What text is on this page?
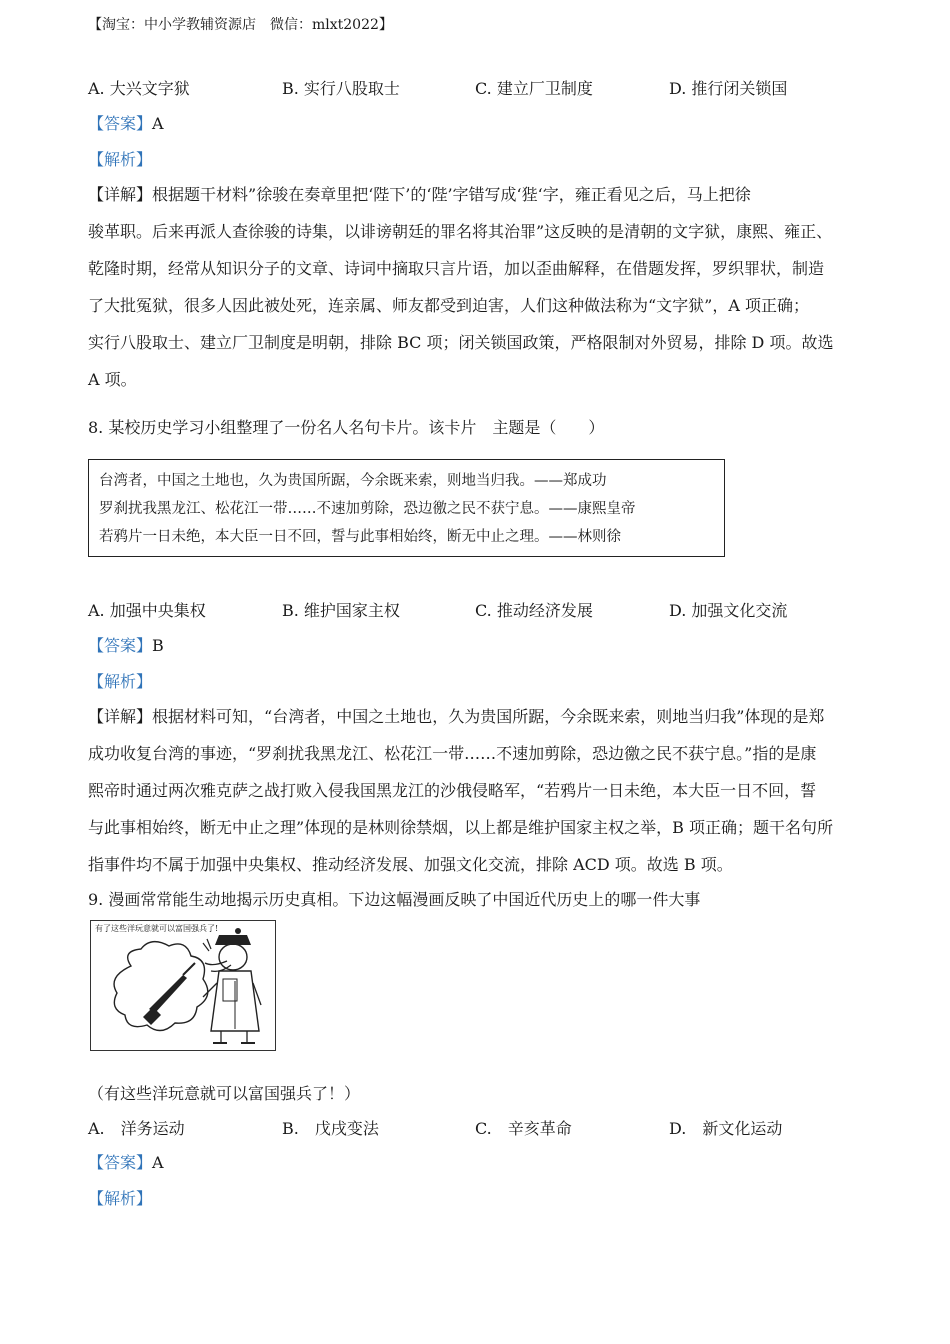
【淘宝：中小学教辅资源店　微信：mlxt2022】
A. 大兴文字狱	B. 实行八股取士	C. 建立厂卫制度	D. 推行闭关锁国
【答案】A
【解析】
【详解】根据题干材料”徐骏在奏章里把‘陛下’的‘陛’字错写成‘狴‘字，雍正看见之后，马上把徐
骏革职。后来再派人查徐骏的诗集，以诽谤朝廷的罪名将其治罪”这反映的是清朝的文字狱，康熙、雍正、
乾隆时期，经常从知识分子的文章、诗词中摘取只言片语，加以歪曲解释，在借题发挥，罗织罪状，制造
了大批冤狱，很多人因此被处死，连亲属、师友都受到迫害，人们这种做法称为“文字狱”，A 项正确；
实行八股取士、建立厂卫制度是明朝，排除 BC 项；闭关锁国政策，严格限制对外贸易，排除 D 项。故选
A 项。
8. 某校历史学习小组整理了一份名人名句卡片。该卡片　主题是（　　）
台湾者，中国之土地也，久为贵国所踞，今余既来索，则地当归我。——郑成功
罗刹扰我黑龙江、松花江一带……不速加剪除，恐边徼之民不获宁息。——康熙皇帝
若鸦片一日未绝，本大臣一日不回，誓与此事相始终，断无中止之理。——林则徐
A. 加强中央集权	B. 维护国家主权	C. 推动经济发展	D. 加强文化交流
【答案】B
【解析】
【详解】根据材料可知，“台湾者，中国之土地也，久为贵国所踞，今余既来索，则地当归我”体现的是郑
成功收复台湾的事迹，“罗刹扰我黑龙江、松花江一带……不速加剪除，恐边徼之民不获宁息。”指的是康
熙帝时通过两次雅克萨之战打败入侵我国黑龙江的沙俄侵略军，“若鸦片一日未绝，本大臣一日不回，誓
与此事相始终，断无中止之理”体现的是林则徐禁烟，以上都是维护国家主权之举，B 项正确；题干名句所
指事件均不属于加强中央集权、推动经济发展、加强文化交流，排除 ACD 项。故选 B 项。
9. 漫画常常能生动地揭示历史真相。下边这幅漫画反映了中国近代历史上的哪一件大事
有了这些洋玩意就可以富国强兵了!
（有这些洋玩意就可以富国强兵了！）
A.　洋务运动	B.　戊戌变法	C.　辛亥革命	D.　新文化运动
【答案】A
【解析】
